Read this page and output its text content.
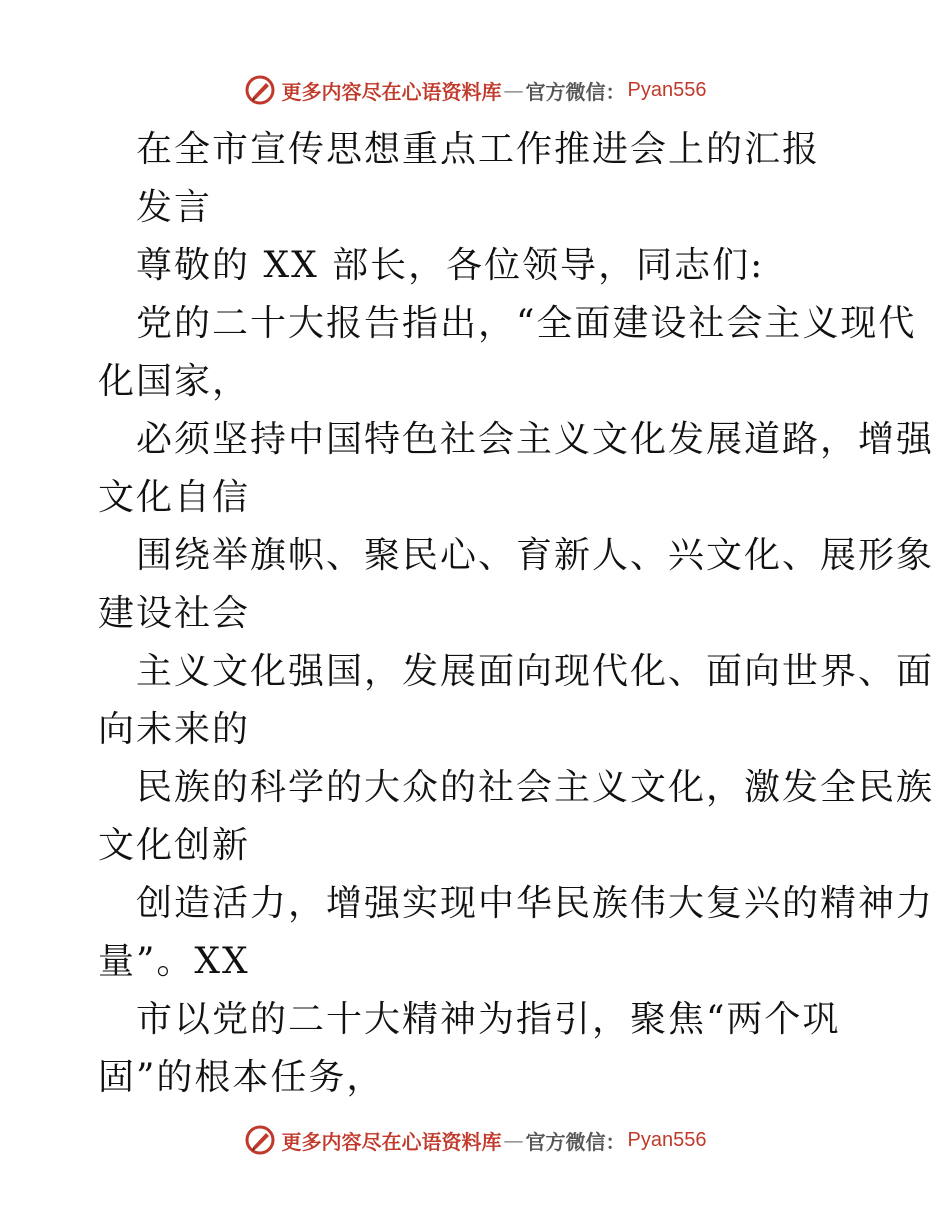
更多内容尽在心语资料库 — 官方微信： Pyan556
在全市宣传思想重点工作推进会上的汇报
发言
尊敬的 XX 部长，各位领导，同志们:
党的二十大报告指出，“全面建设社会主义现代
化国家，
必须坚持中国特色社会主义文化发展道路，增强
文化自信
围绕举旗帜、聚民心、育新人、兴文化、展形象
建设社会
主义文化强国，发展面向现代化、面向世界、面
向未来的
民族的科学的大众的社会主义文化，激发全民族
文化创新
创造活力，增强实现中华民族伟大复兴的精神力
量”。XX
市以党的二十大精神为指引，聚焦“两个巩
固”的根本任务，
更多内容尽在心语资料库 — 官方微信： Pyan556
